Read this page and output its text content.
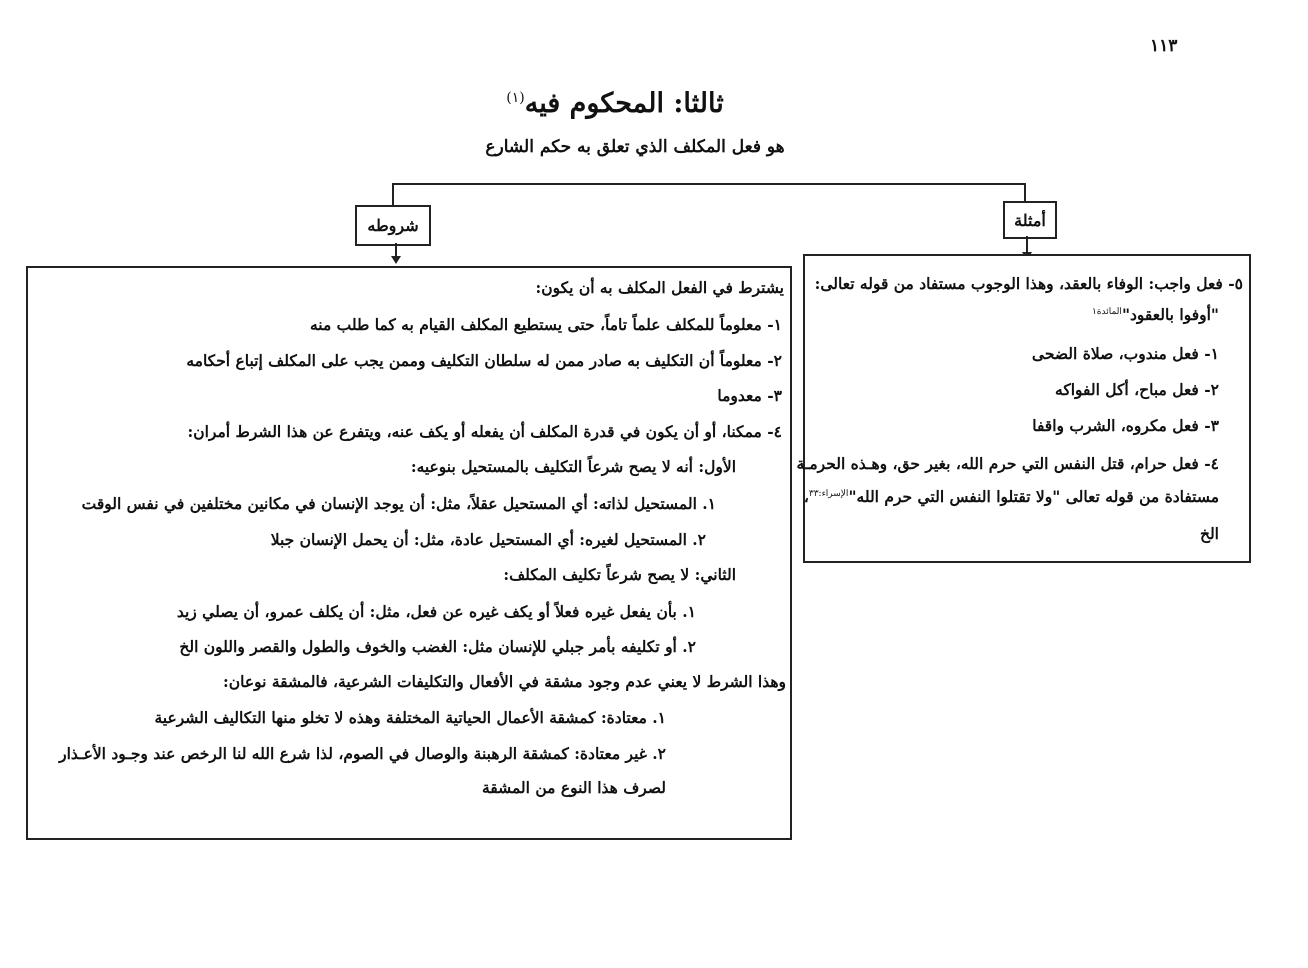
١١٣
ثالثا: المحكوم فيه$^{(١)}$
هو فعل المكلف الذي تعلق به حكم الشارع
شروطه	أمثلة
يشترط في الفعل المكلف به أن يكون:
١- معلوماً للمكلف علماً تاماً، حتى يستطيع المكلف القيام به كما طلب منه
٢- معلوماً أن التكليف به صادر ممن له سلطان التكليف وممن يجب على المكلف إتباع أحكامه
٣- معدوما
٤- ممكنا، أو أن يكون في قدرة المكلف أن يفعله أو يكف عنه، ويتفرع عن هذا الشرط أمران:
الأول: أنه لا يصح شرعاً التكليف بالمستحيل بنوعيه:
١. المستحيل لذاته: أي المستحيل عقلاً، مثل: أن يوجد الإنسان في مكانين مختلفين في نفس الوقت
٢. المستحيل لغيره: أي المستحيل عادة، مثل: أن يحمل الإنسان جبلا
الثاني: لا يصح شرعاً تكليف المكلف:
١. بأن يفعل غيره فعلاً أو يكف غيره عن فعل، مثل: أن يكلف عمرو، أن يصلي زيد
٢. أو تكليفه بأمر جبلي للإنسان مثل: الغضب والخوف والطول والقصر واللون الخ
وهذا الشرط لا يعني عدم وجود مشقة في الأفعال والتكليفات الشرعية، فالمشقة نوعان:
١. معتادة: كمشقة الأعمال الحياتية المختلفة وهذه لا تخلو منها التكاليف الشرعية
٢. غير معتادة: كمشقة الرهبنة والوصال في الصوم، لذا شرع الله لنا الرخص عند وجـود الأعـذار
لصرف هذا النوع من المشقة
٥- فعل واجب: الوفاء بالعقد، وهذا الوجوب مستفاد من قوله تعالى:
"أوفوا بالعقود"$^{المائدة١}$
١- فعل مندوب، صلاة الضحى
٢- فعل مباح، أكل الفواكه
٣- فعل مكروه، الشرب واقفا
٤- فعل حرام، قتل النفس التي حرم الله، بغير حق، وهـذه الحرمـة
مستفادة من قوله تعالى "ولا تقتلوا النفس التي حرم الله"$^{الإسراء:٣٣}$،
الخ
